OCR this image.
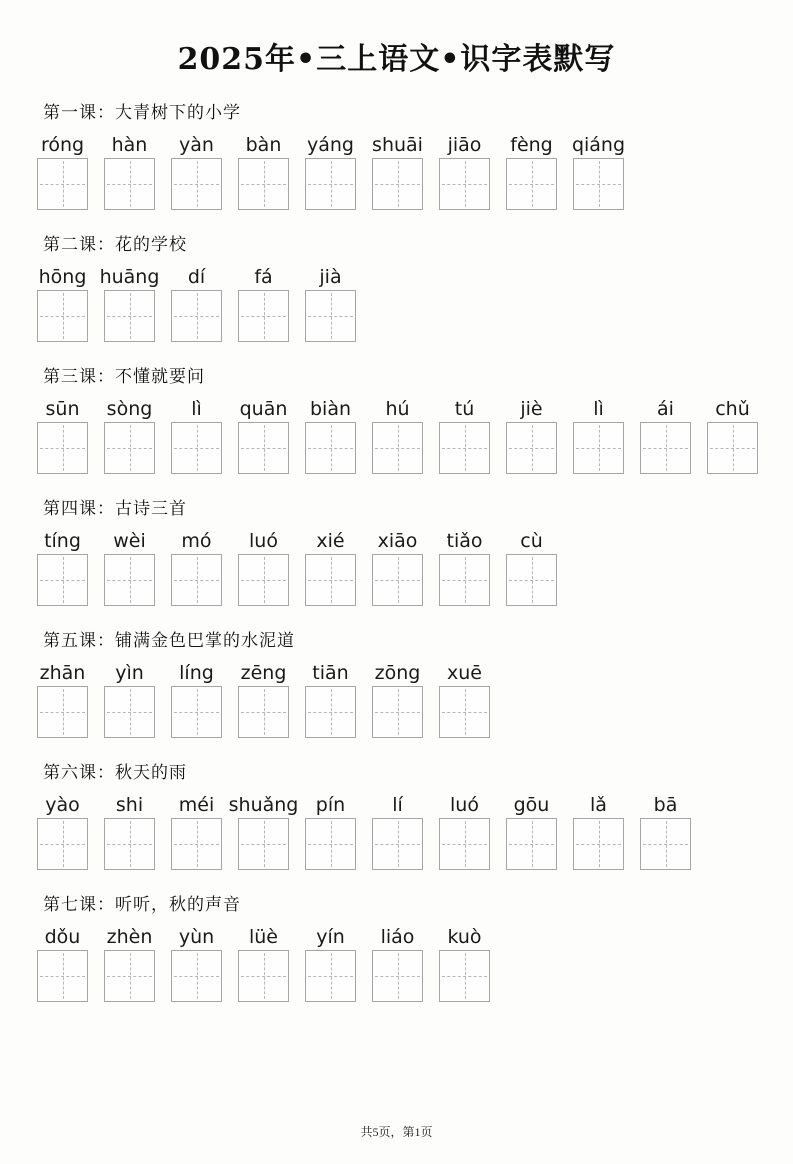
2025年•三上语文•识字表默写
第一课：大青树下的小学
róng hàn yàn bàn yáng shuāi jiāo fèng qiáng
第二课：花的学校
hōng huāng dí	fá jià
第三课：不懂就要问
sūn sòng lì quān biàn hú tú jiè	lì	ái chǔ
第四课：古诗三首
tíng wèi mó luó xié xiāo tiǎo cù
第五课：铺满金色巴掌的水泥道
zhān yìn líng zēng tiān zōng xuē
第六课：秋天的雨
yào shi méi shuǎng pín lí luó gōu lǎ bā
第七课：听听，秋的声音
dǒu zhèn yùn lüè yín liáo kuò
共5页，第1页
